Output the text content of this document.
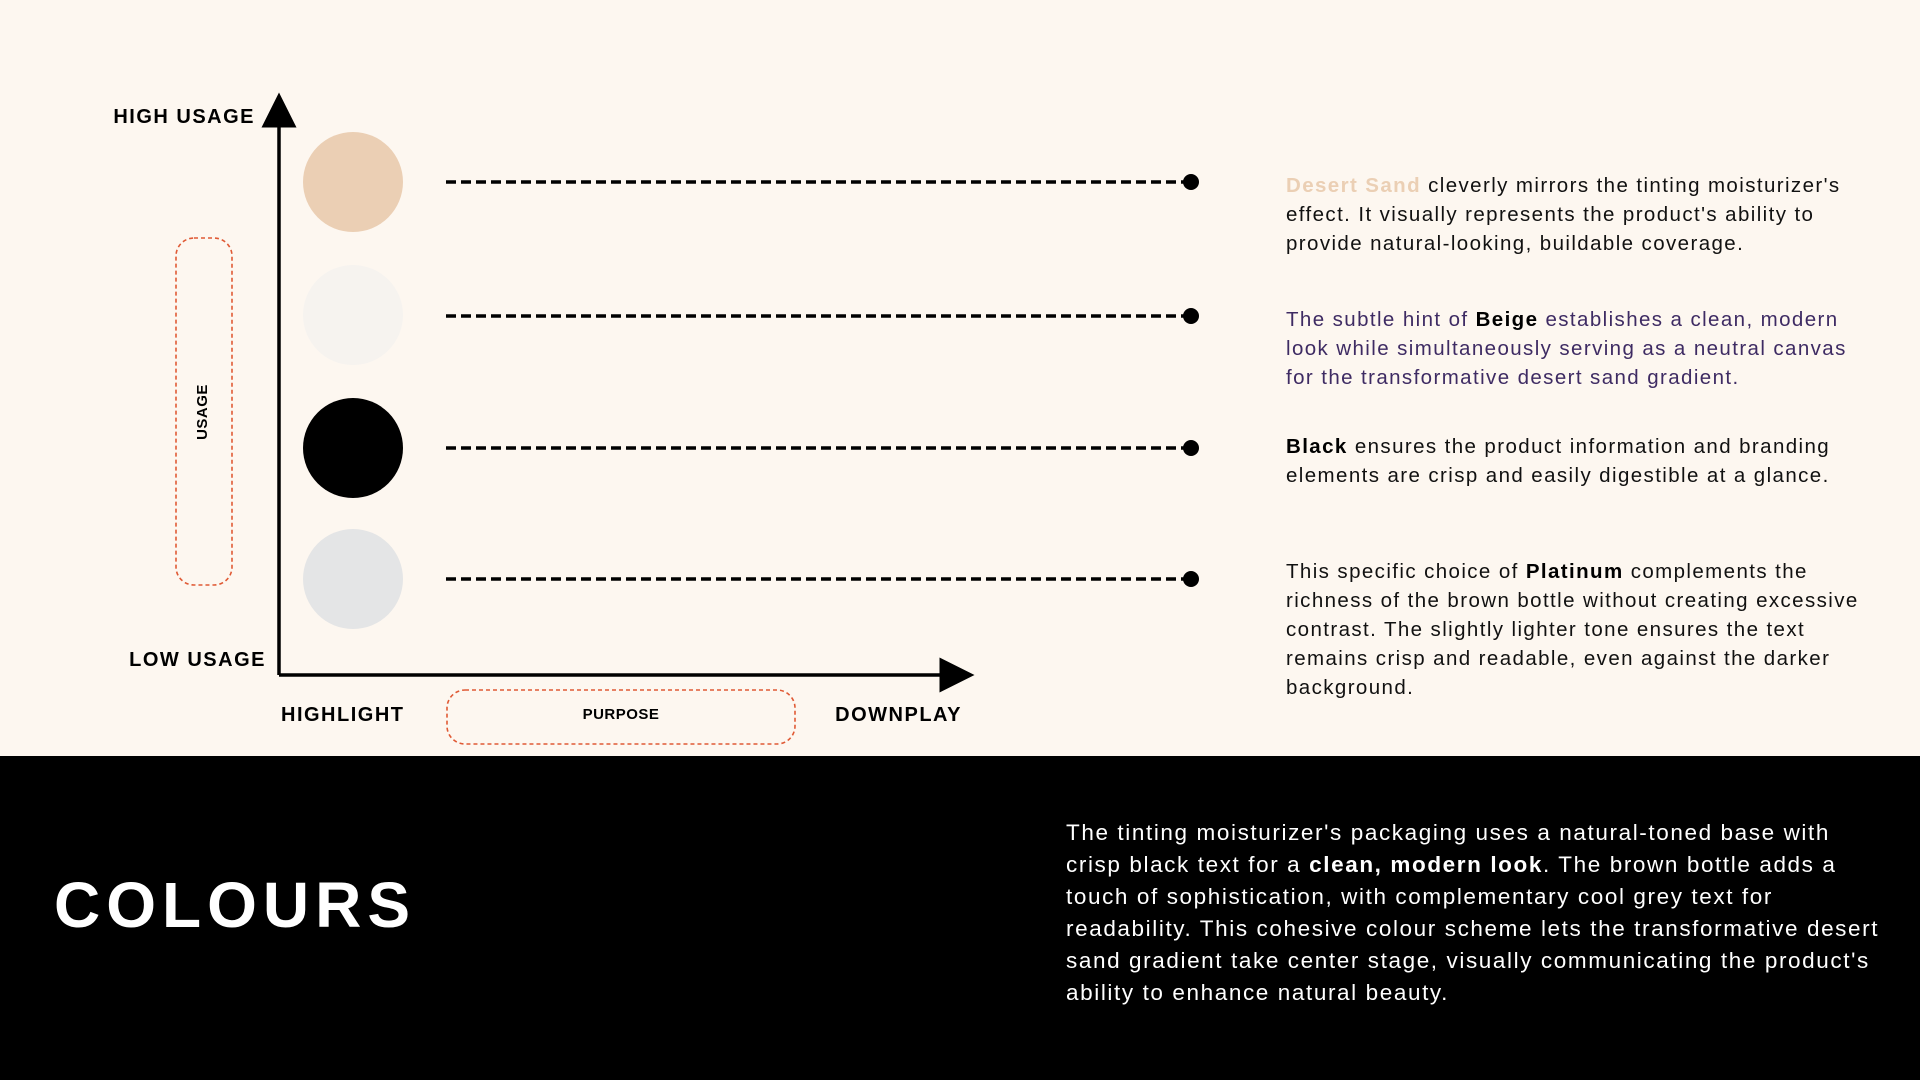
HIGH USAGE
LOW USAGE
USAGE
HIGHLIGHT	DOWNPLAY
PURPOSE
Desert Sand cleverly mirrors the tinting moisturizer's effect. It visually represents the product's ability to provide natural-looking, buildable coverage.
The subtle hint of Beige establishes a clean, modern look while simultaneously serving as a neutral canvas for the transformative desert sand gradient.
Black ensures the product information and branding elements are crisp and easily digestible at a glance.
This specific choice of Platinum complements the richness of the brown bottle without creating excessive contrast. The slightly lighter tone ensures the text remains crisp and readable, even against the darker background.
COLOURS
The tinting moisturizer's packaging uses a natural-toned base with crisp black text for a clean, modern look. The brown bottle adds a touch of sophistication, with complementary cool grey text for readability. This cohesive colour scheme lets the transformative desert sand gradient take center stage, visually communicating the product's ability to enhance natural beauty.
